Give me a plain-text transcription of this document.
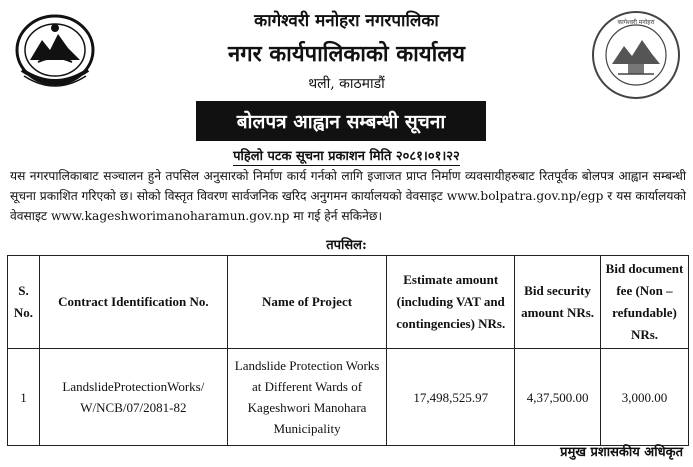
कागेश्वरी मनोहरा
कागेश्वरी मनोहरा नगरपालिका
नगर कार्यपालिकाको कार्यालय
थली, काठमाडौं
बोलपत्र आह्वान सम्बन्धी सूचना
पहिलो पटक सूचना प्रकाशन मिति २०८१।०१।२२
यस नगरपालिकाबाट सञ्चालन हुने तपसिल अनुसारको निर्माण कार्य गर्नको लागि इजाजत प्राप्त निर्माण व्यवसायीहरुबाट रितपूर्वक बोलपत्र आह्वान सम्बन्धी सूचना प्रकाशित गरिएको छ। सोको विस्तृत विवरण सार्वजनिक खरिद अनुगमन कार्यालयको वेवसाइट www.bolpatra.gov.np/egp र यस कार्यालयको वेवसाइट www.kageshworimanoharamun.gov.np मा गई हेर्न सकिनेछ।
तपसिल:
S. No.	Contract Identification No.	Name of Project	Estimate amount (including VAT and contingencies) NRs.	Bid security amount NRs.	Bid document fee (Non – refundable) NRs.
1	LandslideProtectionWorks/ W/NCB/07/2081-82	Landslide Protection Works at Different Wards of Kageshwori Manohara Municipality	17,498,525.97	4,37,500.00	3,000.00
प्रमुख प्रशासकीय अधिकृत
